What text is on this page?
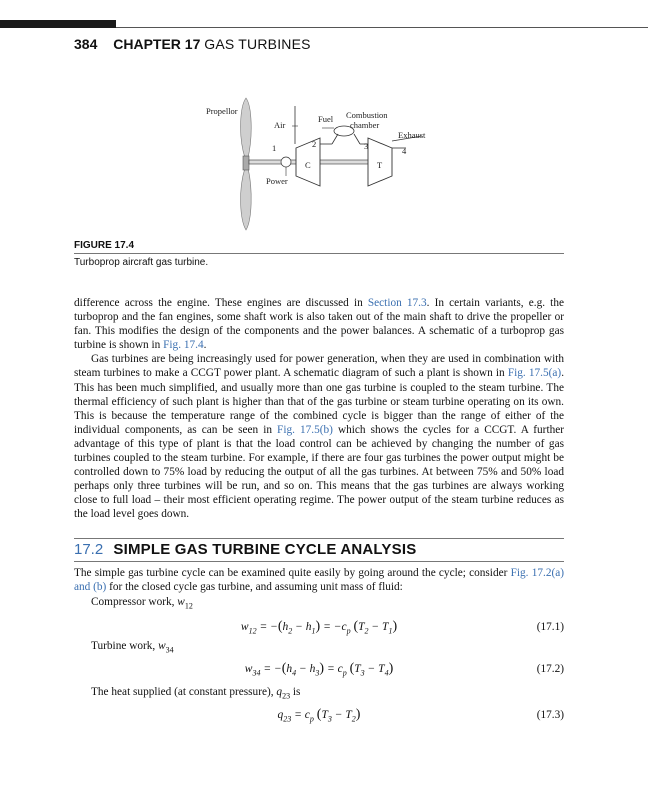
384 CHAPTER 17 GAS TURBINES
Propellor
Air
Fuel Combustion
chamber
Exhaust
Power
C	T
1	2	3	4
FIGURE 17.4
Turboprop aircraft gas turbine.

difference across the engine. These engines are discussed in Section 17.3. In certain variants, e.g. the turboprop and the fan engines, some shaft work is also taken out of the main shaft to drive the propeller or fan. This modifies the design of the components and the power balances. A schematic of a turboprop gas turbine is shown in Fig. 17.4.

Gas turbines are being increasingly used for power generation, when they are used in combination with steam turbines to make a CCGT power plant. A schematic diagram of such a plant is shown in Fig. 17.5(a). This has been much simplified, and usually more than one gas turbine is coupled to the steam turbine. The thermal efficiency of such plant is higher than that of the gas turbine or steam turbine operating on its own. This is because the temperature range of the combined cycle is bigger than the range of either of the individual components, as can be seen in Fig. 17.5(b) which shows the cycles for a CCGT. A further advantage of this type of plant is that the load control can be achieved by changing the number of gas turbines coupled to the steam turbine. For example, if there are four gas turbines the power output might be controlled down to 75% load by reducing the output of all the gas turbines. At between 75% and 50% load perhaps only three turbines will be run, and so on. This means that the gas turbines are always working close to full load – their most efficient operating regime. The power output of the steam turbine reduces as the load level goes down.

17.2 SIMPLE GAS TURBINE CYCLE ANALYSIS

The simple gas turbine cycle can be examined quite easily by going around the cycle; consider Fig. 17.2(a) and (b) for the closed cycle gas turbine, and assuming unit mass of fluid:

Compressor work, $w_{12}$
$w_{12} = -(h_2 - h_1) = -c_p$ $(T_2 - T_1)$	(17.1)
Turbine work, $w_{34}$
$w_{34} = -(h_4 - h_3) = c_p$ $(T_3 - T_4)$	(17.2)
The heat supplied (at constant pressure), $q_{23}$ is
$q_{23} = c_p$ $(T_3 - T_2)$	(17.3)
